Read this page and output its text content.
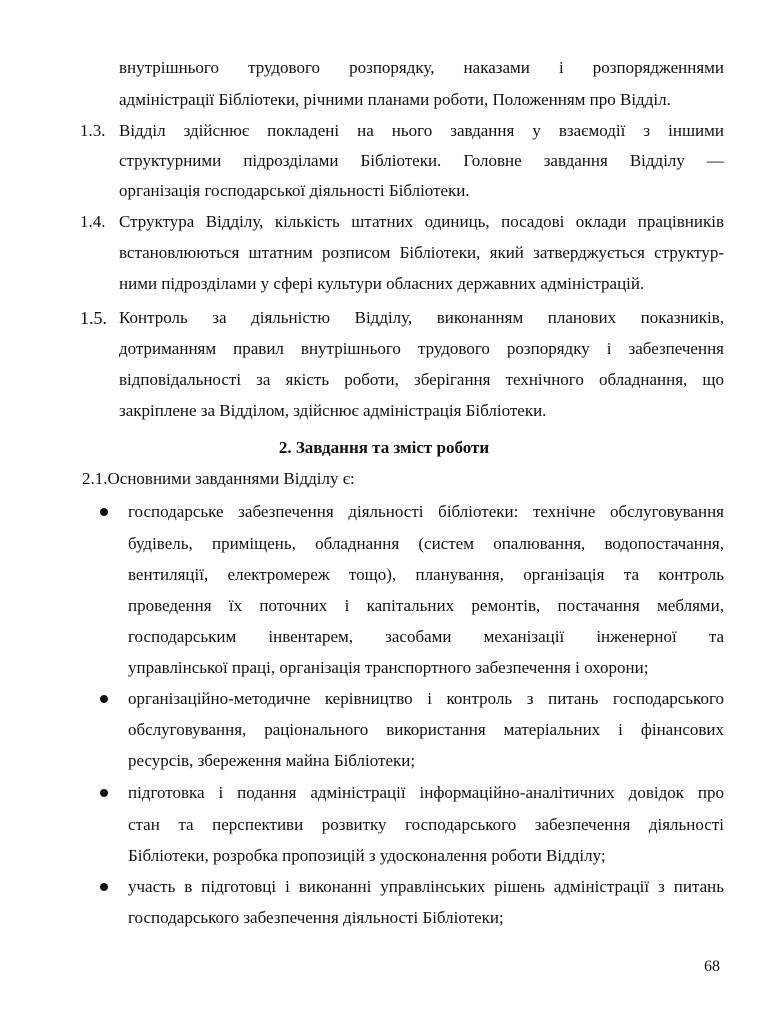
внутрішнього трудового розпорядку, наказами і розпорядженнями
адміністрації Бібліотеки, річними планами роботи, Положенням про Відділ.
1.3. Відділ здійснює покладені на нього завдання у взаємодії з іншими
структурними підрозділами Бібліотеки. Головне завдання Відділу —
організація господарської діяльності Бібліотеки.
1.4. Структура Відділу, кількість штатних одиниць, посадові оклади працівників
встановлюються штатним розписом Бібліотеки, який затверджується структур-
ними підрозділами у сфері культури обласних державних адміністрацій.
1.5. Контроль за діяльністю Відділу, виконанням планових показників,
дотриманням правил внутрішнього трудового розпорядку і забезпечення
відповідальності за якість роботи, зберігання технічного обладнання, що
закріплене за Відділом, здійснює адміністрація Бібліотеки.
2. Завдання та зміст роботи
2.1.Основними завданнями Відділу є:
господарське забезпечення діяльності бібліотеки: технічне обслуговування
будівель, приміщень, обладнання (систем опалювання, водопостачання,
вентиляції, електромереж тощо), планування, організація та контроль
проведення їх поточних і капітальних ремонтів, постачання меблями,
господарським інвентарем, засобами механізації інженерної та
управлінської праці, організація транспортного забезпечення і охорони;
організаційно-методичне керівництво і контроль з питань господарського
обслуговування, раціонального використання матеріальних і фінансових
ресурсів, збереження майна Бібліотеки;
підготовка і подання адміністрації інформаційно-аналітичних довідок про
стан та перспективи розвитку господарського забезпечення діяльності
Бібліотеки, розробка пропозицій з удосконалення роботи Відділу;
участь в підготовці і виконанні управлінських рішень адміністрації з питань
господарського забезпечення діяльності Бібліотеки;
68
